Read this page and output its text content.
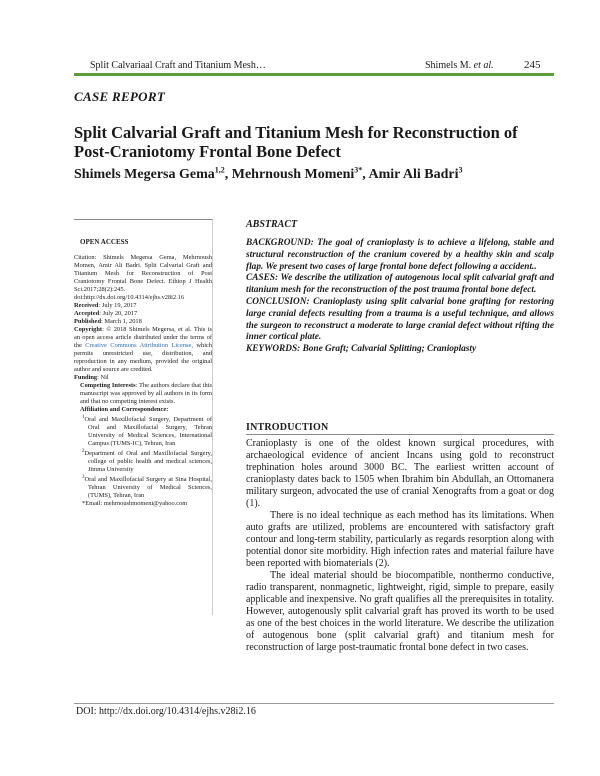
Split Calvariaal Craft and Titanium Mesh…	Shimels M. et al.	245
CASE REPORT
Split Calvarial Graft and Titanium Mesh for Reconstruction of Post-Craniotomy Frontal Bone Defect
Shimels Megersa Gema$^{1,2}$, Mehrnoush Momeni$^{3*}$, Amir Ali Badri$^3$
OPEN ACCESS

Citation: Shimels Megersa Gema, Mehrnoush Momen, Amir Ali Badri. Split Calvarial Graft and Titanium Mesh for Reconstruction of Post Craniotomy Frontal Bone Defect. Ethiop J Health Sci.2017;28(2):245. doi:http://dx.doi.org/10.4314/ejhs.v28i2.16

Received: July 19, 2017

Accepted: July 20, 2017

Published: March 1, 2018

Copyright: © 2018 Shimels Megersa, et al. This is an open access article distributed under the terms of the Creative Commons Attribution License, which permits unrestricted use, distribution, and reproduction in any medium, provided the original author and source are credited.

Funding: Nil

Competing Interests: The authors declare that this manuscript was approved by all authors in its form and that no competing interest exists.

Affiliation and Correspondence:

$^1$Oral and Maxillofacial Surgery, Department of Oral and Maxillofacial Surgery, Tehran University of Medical Sciences, International Campus (TUMS-IC), Tehran, Iran

$^2$Department of Oral and Maxillofacial Surgery, college of public health and medical sciences, Jimma University

$^3$Oral and Maxillofacial Surgery at Sina Hospital, Tehran University of Medical Sciences, (TUMS), Tehran, Iran

*Email: mehrnoushmomeni@yahoo.com

ABSTRACT

BACKGROUND: The goal of cranioplasty is to achieve a lifelong, stable and structural reconstruction of the cranium covered by a healthy skin and scalp flap. We present two cases of large frontal bone defect following a accident..

CASES: We describe the utilization of autogenous local split calvarial graft and titanium mesh for the reconstruction of the post trauma frontal bone defect.

CONCLUSION: Cranioplasty using split calvarial bone grafting for restoring large cranial defects resulting from a trauma is a useful technique, and allows the surgeon to reconstruct a moderate to large cranial defect without rifting the inner cortical plate.

KEYWORDS: Bone Graft; Calvarial Splitting; Cranioplasty

INTRODUCTION

Cranioplasty is one of the oldest known surgical procedures, with archaeological evidence of ancient Incans using gold to reconstruct trephination holes around 3000 BC. The earliest written account of cranioplasty dates back to 1505 when Ibrahim bin Abdullah, an Ottomanera military surgeon, advocated the use of cranial Xenografts from a goat or dog (1).

There is no ideal technique as each method has its limitations. When auto grafts are utilized, problems are encountered with satisfactory graft contour and long-term stability, particularly as regards resorption along with potential donor site morbidity. High infection rates and material failure have been reported with biomaterials (2).

The ideal material should be biocompatible, nonthermo conductive, radio transparent, nonmagnetic, lightweight, rigid, simple to prepare, easily applicable and inexpensive. No graft qualifies all the prerequisites in totality. However, autogenously split calvarial graft has proved its worth to be used as one of the best choices in the world literature. We describe the utilization of autogenous bone (split calvarial graft) and titanium mesh for reconstruction of large post-traumatic frontal bone defect in two cases.

DOI: http://dx.doi.org/10.4314/ejhs.v28i2.16
